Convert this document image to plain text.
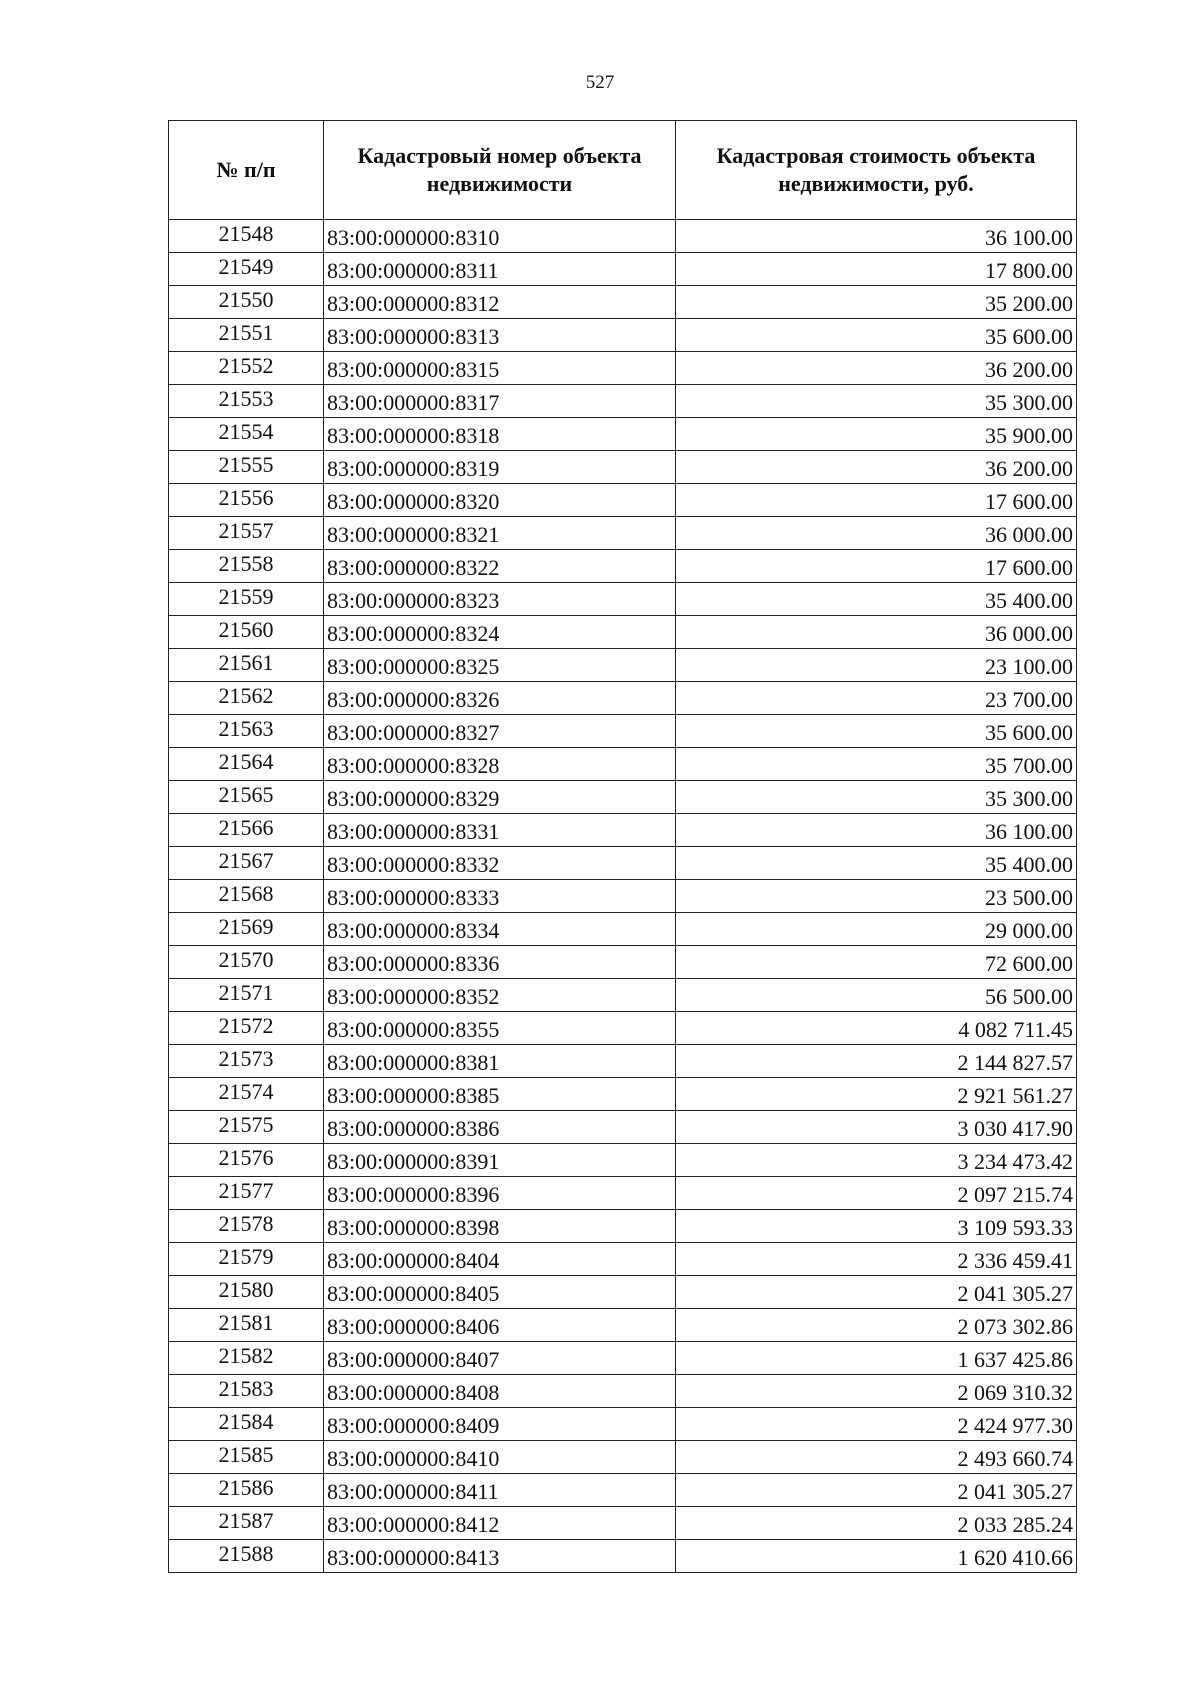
527
№ п/п	Кадастровый номер объекта недвижимости	Кадастровая стоимость объекта недвижимости, руб.
21548	83:00:000000:8310	36 100.00
21549	83:00:000000:8311	17 800.00
21550	83:00:000000:8312	35 200.00
21551	83:00:000000:8313	35 600.00
21552	83:00:000000:8315	36 200.00
21553	83:00:000000:8317	35 300.00
21554	83:00:000000:8318	35 900.00
21555	83:00:000000:8319	36 200.00
21556	83:00:000000:8320	17 600.00
21557	83:00:000000:8321	36 000.00
21558	83:00:000000:8322	17 600.00
21559	83:00:000000:8323	35 400.00
21560	83:00:000000:8324	36 000.00
21561	83:00:000000:8325	23 100.00
21562	83:00:000000:8326	23 700.00
21563	83:00:000000:8327	35 600.00
21564	83:00:000000:8328	35 700.00
21565	83:00:000000:8329	35 300.00
21566	83:00:000000:8331	36 100.00
21567	83:00:000000:8332	35 400.00
21568	83:00:000000:8333	23 500.00
21569	83:00:000000:8334	29 000.00
21570	83:00:000000:8336	72 600.00
21571	83:00:000000:8352	56 500.00
21572	83:00:000000:8355	4 082 711.45
21573	83:00:000000:8381	2 144 827.57
21574	83:00:000000:8385	2 921 561.27
21575	83:00:000000:8386	3 030 417.90
21576	83:00:000000:8391	3 234 473.42
21577	83:00:000000:8396	2 097 215.74
21578	83:00:000000:8398	3 109 593.33
21579	83:00:000000:8404	2 336 459.41
21580	83:00:000000:8405	2 041 305.27
21581	83:00:000000:8406	2 073 302.86
21582	83:00:000000:8407	1 637 425.86
21583	83:00:000000:8408	2 069 310.32
21584	83:00:000000:8409	2 424 977.30
21585	83:00:000000:8410	2 493 660.74
21586	83:00:000000:8411	2 041 305.27
21587	83:00:000000:8412	2 033 285.24
21588	83:00:000000:8413	1 620 410.66
